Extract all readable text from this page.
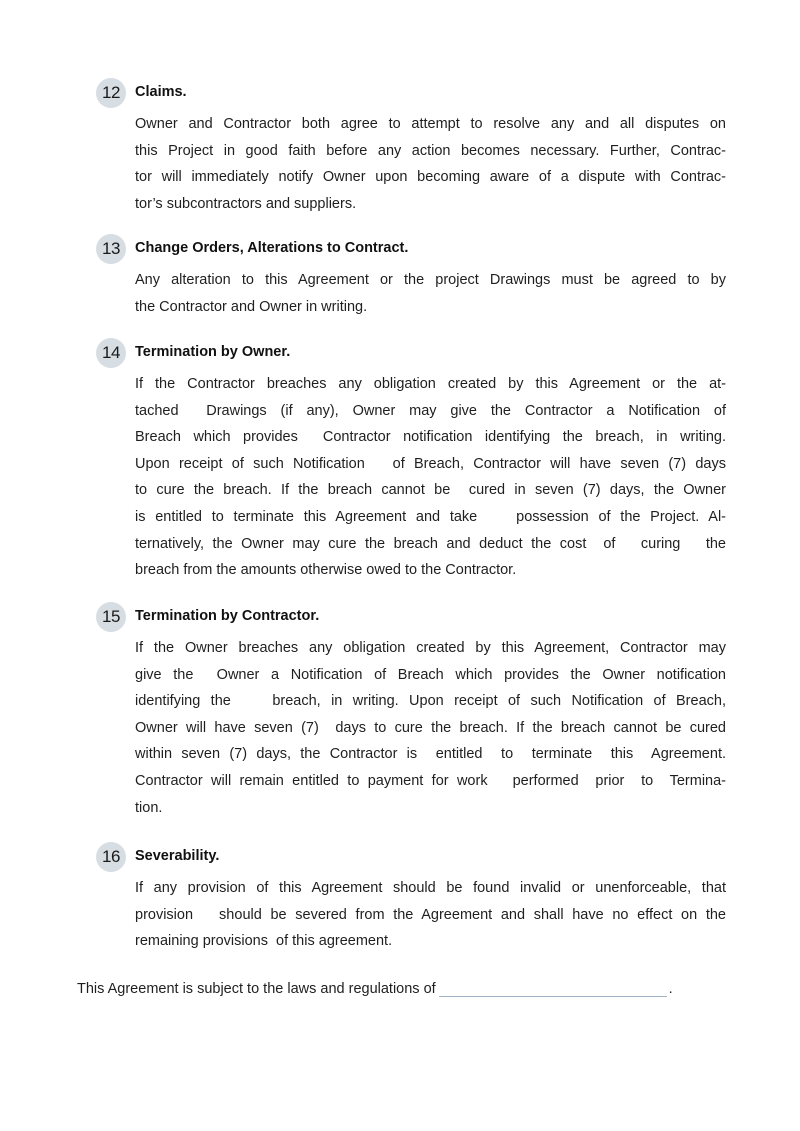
12	Claims.
Owner and Contractor both agree to attempt to resolve any and all disputes on
this Project in good faith before any action becomes necessary. Further, Contrac-
tor will immediately notify Owner upon becoming aware of a dispute with Contrac-
tor’s subcontractors and suppliers.
13	Change Orders, Alterations to Contract.
Any alteration to this Agreement or the project Drawings must be agreed to by
the Contractor and Owner in writing.
14	Termination by Owner.
If the Contractor breaches any obligation created by this Agreement or the at-
tached  Drawings (if any), Owner may give the Contractor a Notification of
Breach which provides  Contractor notification identifying the breach, in writing.
Upon receipt of such Notification   of Breach, Contractor will have seven (7) days
to cure the breach. If the breach cannot be  cured in seven (7) days, the Owner
is entitled to terminate this Agreement and take    possession of the Project. Al-
ternatively, the Owner may cure the breach and deduct the cost  of   curing   the
breach from the amounts otherwise owed to the Contractor.
15	Termination by Contractor.
If the Owner breaches any obligation created by this Agreement, Contractor may
give the  Owner a Notification of Breach which provides the Owner notification
identifying the    breach, in writing. Upon receipt of such Notification of Breach,
Owner will have seven (7)  days to cure the breach. If the breach cannot be cured
within seven (7) days, the Contractor is  entitled  to  terminate  this  Agreement.
Contractor will remain entitled to payment for work   performed  prior  to  Termina-
tion.
16	Severability.
If any provision of this Agreement should be found invalid or unenforceable, that
provision   should be severed from the Agreement and shall have no effect on the
remaining provisions  of this agreement.
This Agreement is subject to the laws and regulations of	.
